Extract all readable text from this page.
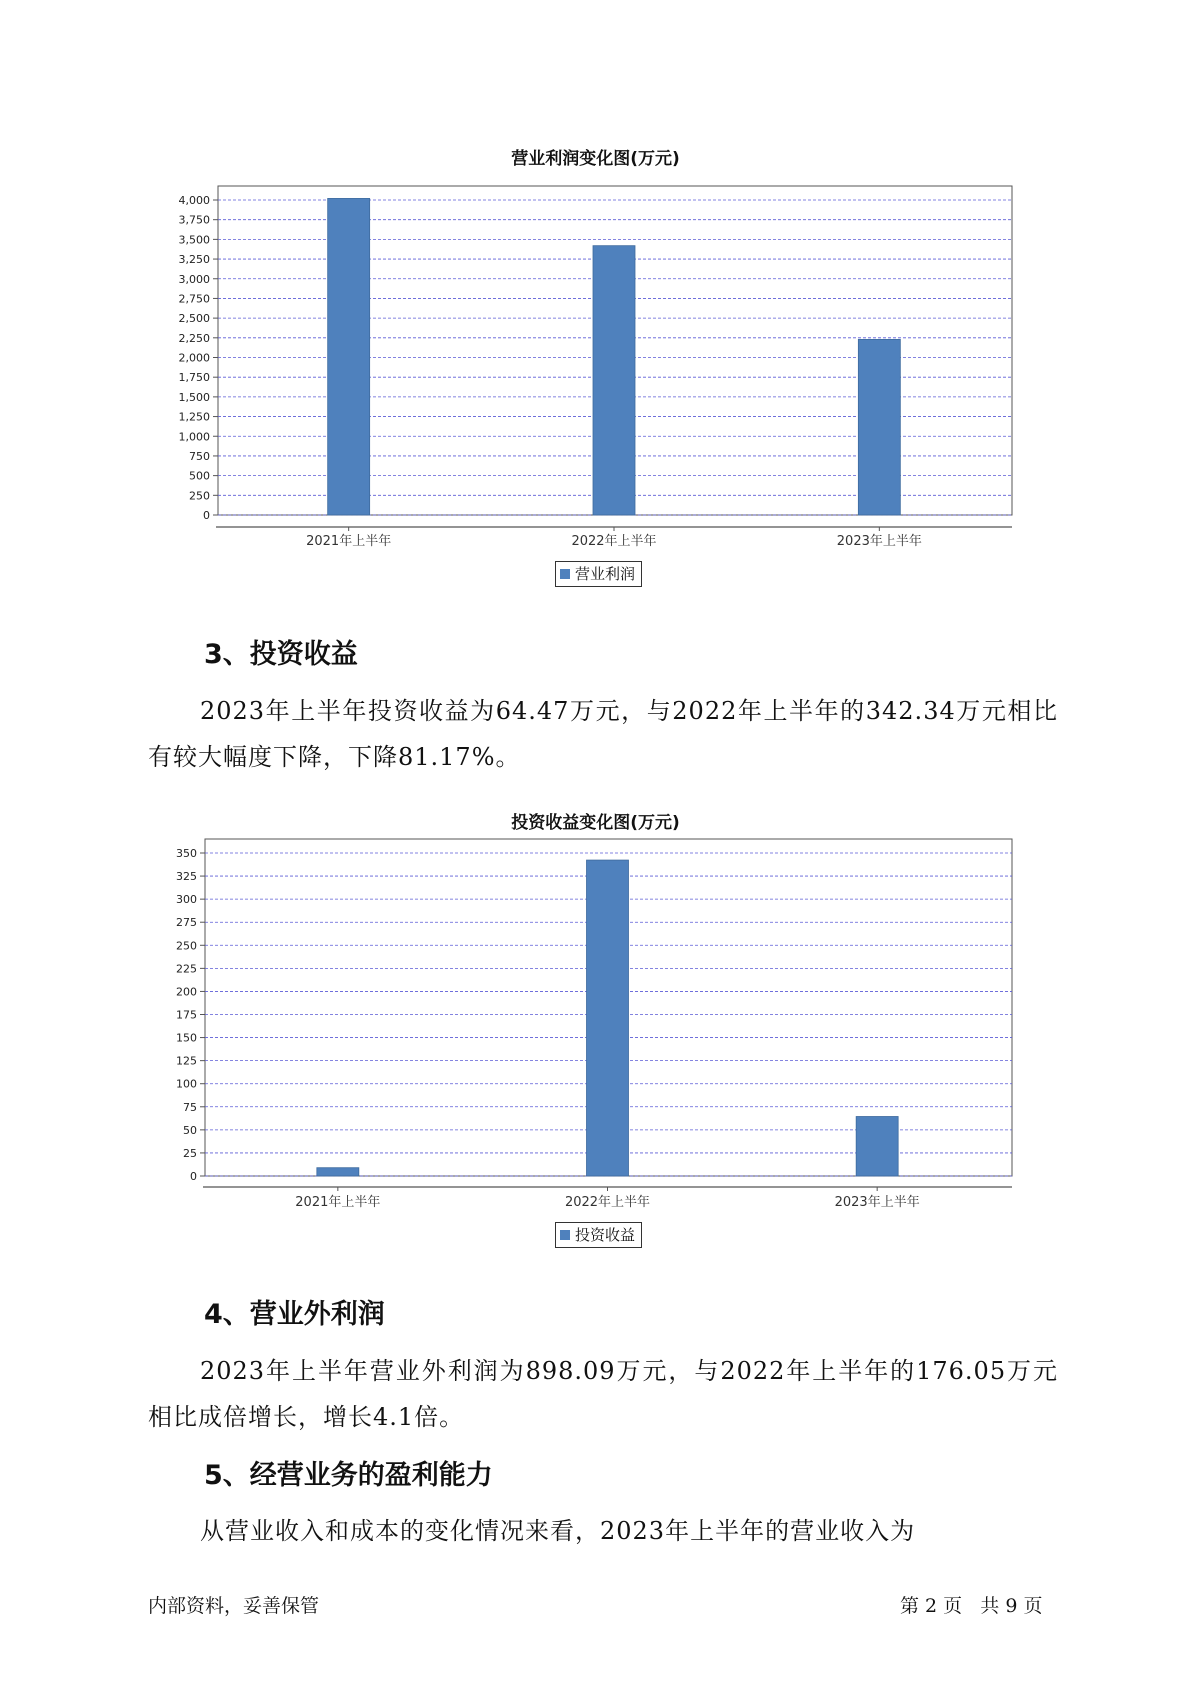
营业利润变化图(万元)
0
250
500
750
1,000
1,250
1,500
1,750
2,000
2,250
2,500
2,750
3,000
3,250
3,500
3,750
4,000
2021年上半年	2022年上半年	2023年上半年
营业利润
3、投资收益
2023年上半年投资收益为64.47万元，与2022年上半年的342.34万元相比有较大幅度下降，下降81.17%。
投资收益变化图(万元)
0
25
50
75
100
125
150
175
200
225
250
275
300
325
350
2021年上半年	2022年上半年	2023年上半年
投资收益
4、营业外利润
2023年上半年营业外利润为898.09万元，与2022年上半年的176.05万元相比成倍增长，增长4.1倍。
5、经营业务的盈利能力
从营业收入和成本的变化情况来看，2023年上半年的营业收入为
内部资料，妥善保管	第 2 页   共 9 页
